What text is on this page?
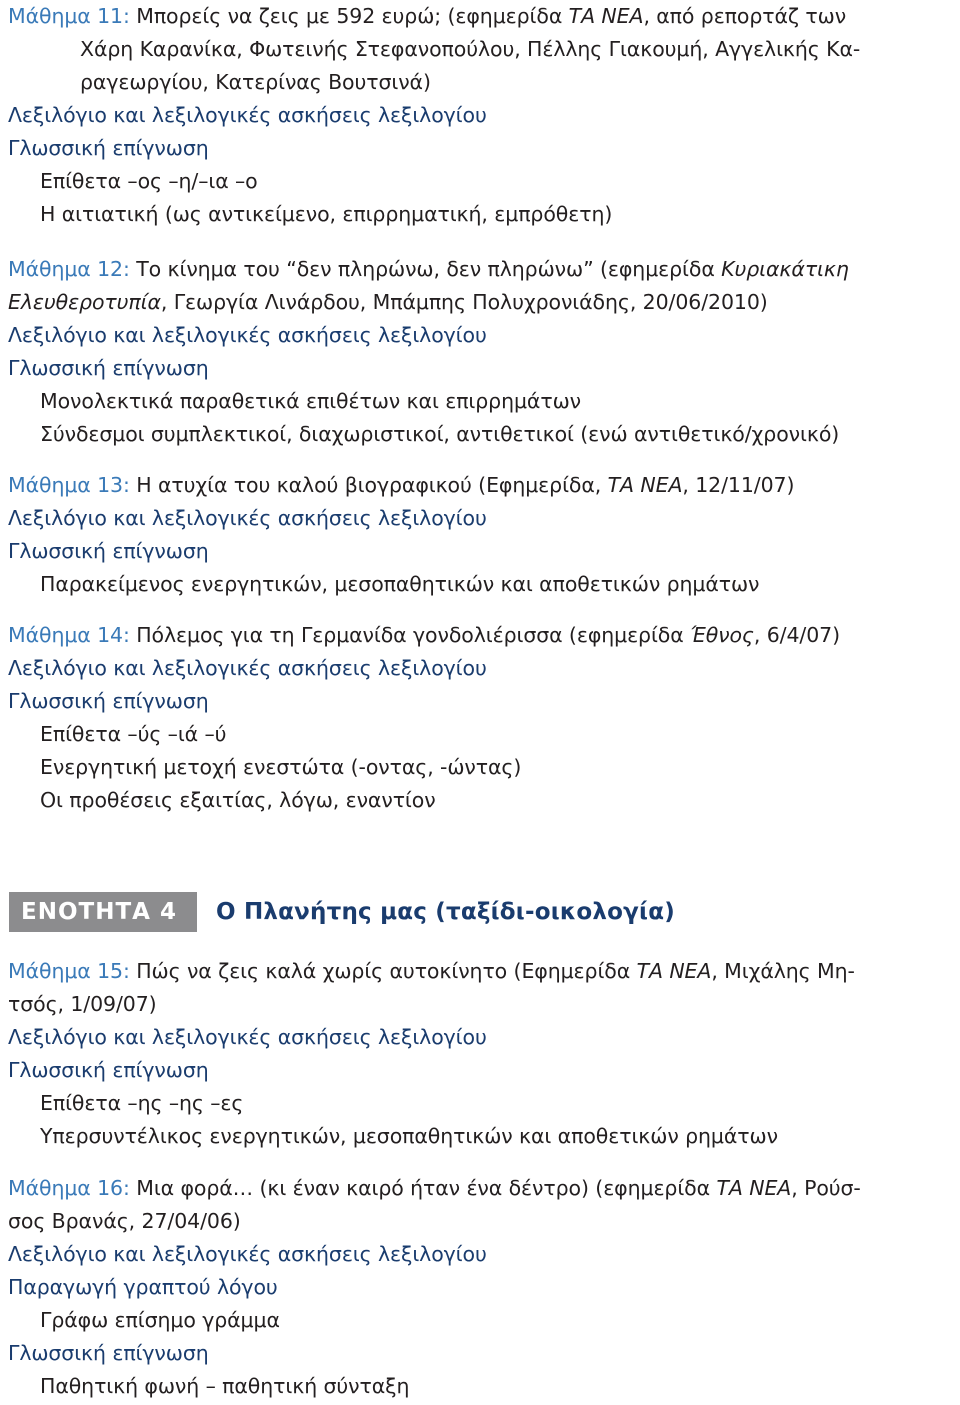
Μάθημα 11: Μπορείς να ζεις με 592 ευρώ; (εφημερίδα ΤΑ ΝΕΑ, από ρεπορτάζ των
Χάρη Καρανίκα, Φωτεινής Στεφανοπούλου, Πέλλης Γιακουμή, Αγγελικής Κα-
ραγεωργίου, Κατερίνας Βουτσινά)
Λεξιλόγιο και λεξιλογικές ασκήσεις λεξιλογίου
Γλωσσική επίγνωση
Επίθετα –ος –η/–ια –ο
Η αιτιατική (ως αντικείμενο, επιρρηματική, εμπρόθετη)
Μάθημα 12: Το κίνημα του “δεν πληρώνω, δεν πληρώνω” (εφημερίδα Κυριακάτικη
Ελευθεροτυπία, Γεωργία Λινάρδου, Μπάμπης Πολυχρονιάδης, 20/06/2010)
Λεξιλόγιο και λεξιλογικές ασκήσεις λεξιλογίου
Γλωσσική επίγνωση
Μονολεκτικά παραθετικά επιθέτων και επιρρημάτων
Σύνδεσμοι συμπλεκτικοί, διαχωριστικοί, αντιθετικοί (ενώ αντιθετικό/χρονικό)
Μάθημα 13: Η ατυχία του καλού βιογραφικού (Εφημερίδα, ΤΑ ΝΕΑ, 12/11/07)
Λεξιλόγιο και λεξιλογικές ασκήσεις λεξιλογίου
Γλωσσική επίγνωση
Παρακείμενος ενεργητικών, μεσοπαθητικών και αποθετικών ρημάτων
Μάθημα 14: Πόλεμος για τη Γερμανίδα γονδολιέρισσα (εφημερίδα Έθνος, 6/4/07)
Λεξιλόγιο και λεξιλογικές ασκήσεις λεξιλογίου
Γλωσσική επίγνωση
Επίθετα –ύς –ιά –ύ
Ενεργητική μετοχή ενεστώτα (-οντας, -ώντας)
Οι προθέσεις εξαιτίας, λόγω, εναντίον
ΕΝΟΤΗΤΑ 4	Ο Πλανήτης μας (ταξίδι-οικολογία)
Μάθημα 15: Πώς να ζεις καλά χωρίς αυτοκίνητο (Εφημερίδα ΤΑ ΝΕΑ, Μιχάλης Μη-
τσός, 1/09/07)
Λεξιλόγιο και λεξιλογικές ασκήσεις λεξιλογίου
Γλωσσική επίγνωση
Επίθετα –ης –ης –ες
Υπερσυντέλικος ενεργητικών, μεσοπαθητικών και αποθετικών ρημάτων
Μάθημα 16: Μια φορά… (κι έναν καιρό ήταν ένα δέντρο) (εφημερίδα ΤΑ ΝΕΑ, Ρούσ-
σος Βρανάς, 27/04/06)
Λεξιλόγιο και λεξιλογικές ασκήσεις λεξιλογίου
Παραγωγή γραπτού λόγου
Γράφω επίσημο γράμμα
Γλωσσική επίγνωση
Παθητική φωνή – παθητική σύνταξη
